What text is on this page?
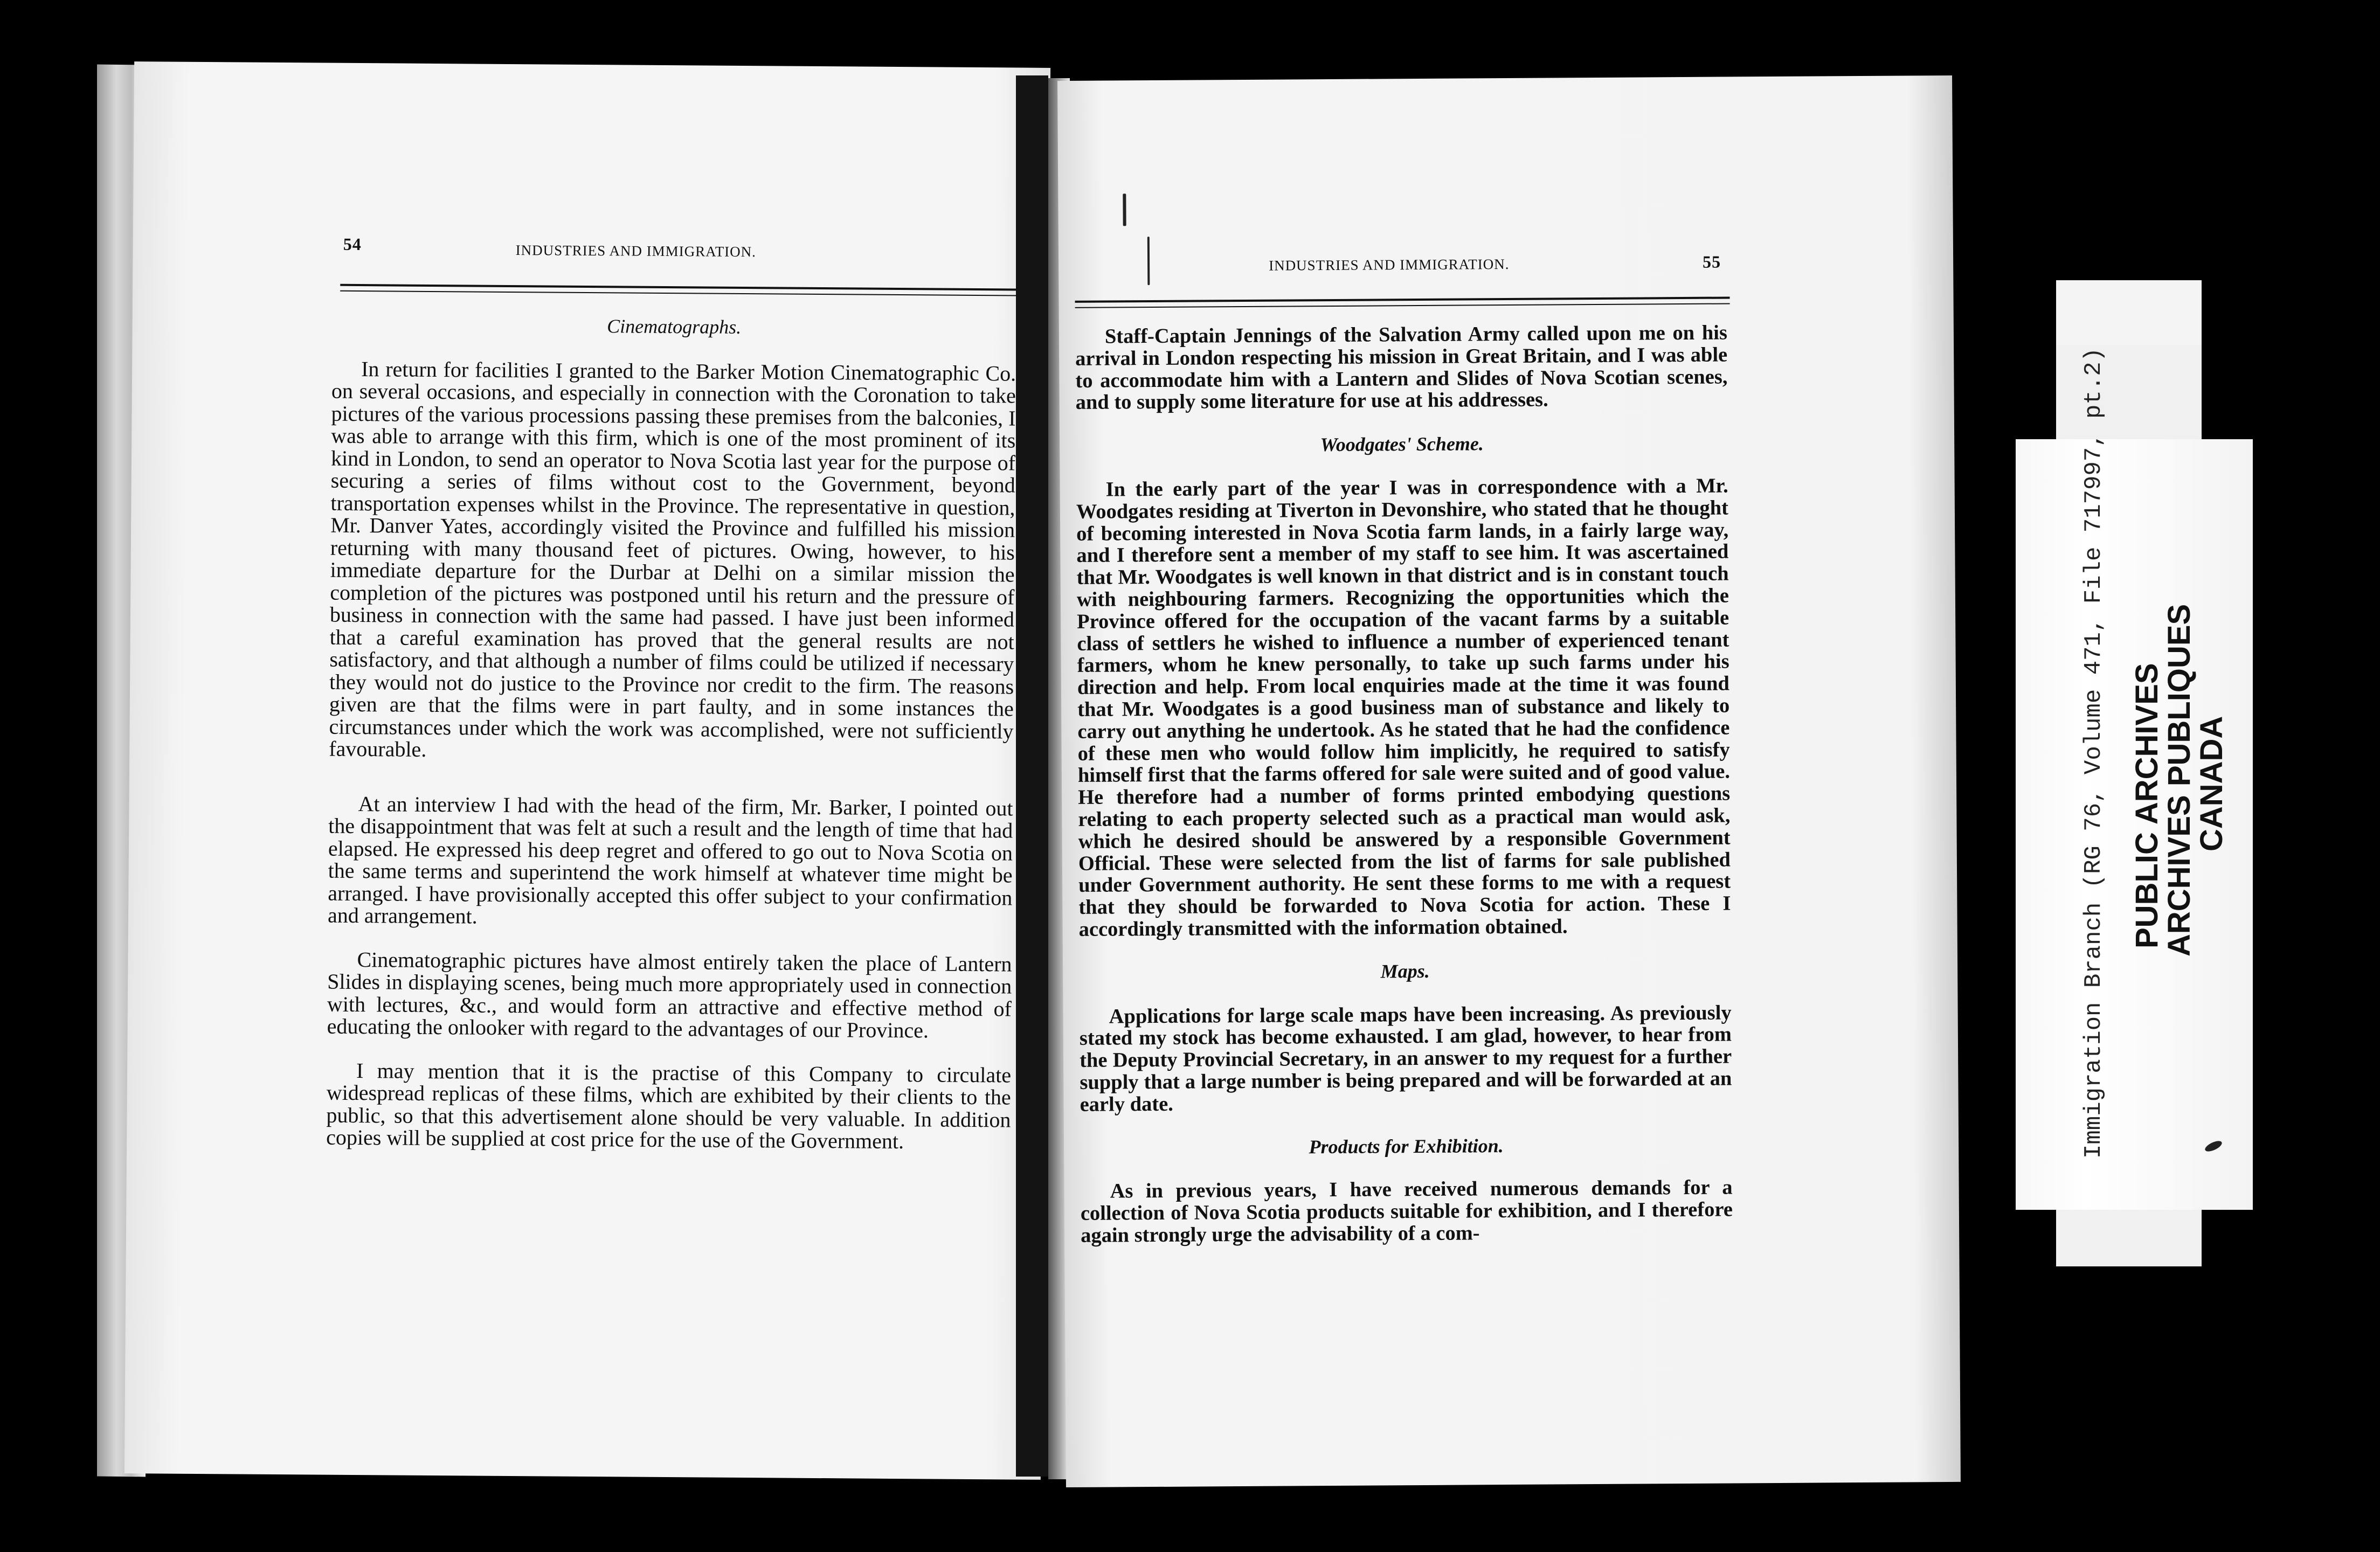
54	INDUSTRIES AND IMMIGRATION.

Cinematographs.

In return for facilities I granted to the Barker Motion Cinematographic Co. on several occasions, and especially in connection with the Coronation to take pictures of the various processions passing these premises from the balconies, I was able to arrange with this firm, which is one of the most prominent of its kind in London, to send an operator to Nova Scotia last year for the purpose of securing a series of films without cost to the Government, beyond transportation expenses whilst in the Province. The representative in question, Mr. Danver Yates, accordingly visited the Province and fulfilled his mission returning with many thousand feet of pictures. Owing, however, to his immediate departure for the Durbar at Delhi on a similar mission the completion of the pictures was postponed until his return and the pressure of business in connection with the same had passed. I have just been informed that a careful examination has proved that the general results are not satisfactory, and that although a number of films could be utilized if necessary they would not do justice to the Province nor credit to the firm. The reasons given are that the films were in part faulty, and in some instances the circumstances under which the work was accomplished, were not sufficiently favourable.

At an interview I had with the head of the firm, Mr. Barker, I pointed out the disappointment that was felt at such a result and the length of time that had elapsed. He expressed his deep regret and offered to go out to Nova Scotia on the same terms and superintend the work himself at whatever time might be arranged. I have provisionally accepted this offer subject to your confirmation and arrangement.

Cinematographic pictures have almost entirely taken the place of Lantern Slides in displaying scenes, being much more appropriately used in connection with lectures, &c., and would form an attractive and effective method of educating the onlooker with regard to the advantages of our Province.

I may mention that it is the practise of this Company to circulate widespread replicas of these films, which are exhibited by their clients to the public, so that this advertisement alone should be very valuable. In addition copies will be supplied at cost price for the use of the Government.

INDUSTRIES AND IMMIGRATION.	55

Staff-Captain Jennings of the Salvation Army called upon me on his arrival in London respecting his mission in Great Britain, and I was able to accommodate him with a Lantern and Slides of Nova Scotian scenes, and to supply some literature for use at his addresses.

Woodgates' Scheme.

In the early part of the year I was in correspondence with a Mr. Woodgates residing at Tiverton in Devonshire, who stated that he thought of becoming interested in Nova Scotia farm lands, in a fairly large way, and I therefore sent a member of my staff to see him. It was ascertained that Mr. Woodgates is well known in that district and is in constant touch with neighbouring farmers. Recognizing the opportunities which the Province offered for the occupation of the vacant farms by a suitable class of settlers he wished to influence a number of experienced tenant farmers, whom he knew personally, to take up such farms under his direction and help. From local enquiries made at the time it was found that Mr. Woodgates is a good business man of substance and likely to carry out anything he undertook. As he stated that he had the confidence of these men who would follow him implicitly, he required to satisfy himself first that the farms offered for sale were suited and of good value. He therefore had a number of forms printed embodying questions relating to each property selected such as a practical man would ask, which he desired should be answered by a responsible Government Official. These were selected from the list of farms for sale published under Government authority. He sent these forms to me with a request that they should be forwarded to Nova Scotia for action. These I accordingly transmitted with the information obtained.

Maps.

Applications for large scale maps have been increasing. As previously stated my stock has become exhausted. I am glad, however, to hear from the Deputy Provincial Secretary, in an answer to my request for a further supply that a large number is being prepared and will be forwarded at an early date.

Products for Exhibition.

As in previous years, I have received numerous demands for a collection of Nova Scotia products suitable for exhibition, and I therefore again strongly urge the advisability of a com-

Immigration Branch (RG 76, Volume 471, File 717997, pt.2) PUBLIC ARCHIVES
ARCHIVES PUBLIQUES
CANADA
